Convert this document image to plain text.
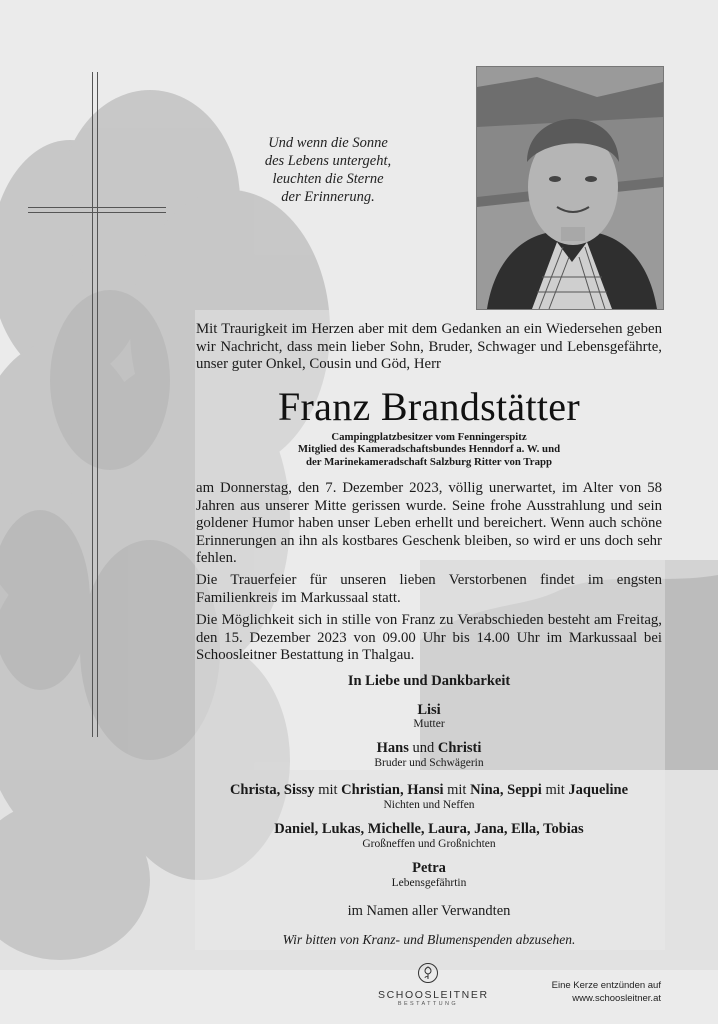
Und wenn die Sonne
des Lebens untergeht,
leuchten die Sterne
der Erinnerung.
Mit Traurigkeit im Herzen aber mit dem Gedanken an ein Wiedersehen geben wir Nachricht, dass mein lieber Sohn, Bruder, Schwager und Lebensgefährte, unser guter Onkel, Cousin und Göd, Herr
Franz Brandstätter
Campingplatzbesitzer vom Fenningerspitz
Mitglied des Kameradschaftsbundes Henndorf a. W. und
der Marinekameradschaft Salzburg Ritter von Trapp
am Donnerstag, den 7. Dezember 2023, völlig unerwartet, im Alter von 58 Jahren aus unserer Mitte gerissen wurde. Seine frohe Ausstrahlung und sein goldener Humor haben unser Leben erhellt und bereichert. Wenn auch schöne Erinnerungen an ihn als kostbares Geschenk bleiben, so wird er uns doch sehr fehlen.
Die Trauerfeier für unseren lieben Verstorbenen findet im engsten Familienkreis im Markussaal statt.
Die Möglichkeit sich in stille von Franz zu Verabschieden besteht am Freitag, den 15. Dezember 2023 von 09.00 Uhr bis 14.00 Uhr im Markussaal bei Schoosleitner Bestattung in Thalgau.
In Liebe und Dankbarkeit
Lisi
Mutter
Hans und Christi
Bruder und Schwägerin
Christa, Sissy mit Christian, Hansi mit Nina, Seppi mit Jaqueline
Nichten und Neffen
Daniel, Lukas, Michelle, Laura, Jana, Ella, Tobias
Großneffen und Großnichten
Petra
Lebensgefährtin
im Namen aller Verwandten
Wir bitten von Kranz- und Blumenspenden abzusehen.
SCHOOSLEITNER
BESTATTUNG
Eine Kerze entzünden auf
www.schoosleitner.at
